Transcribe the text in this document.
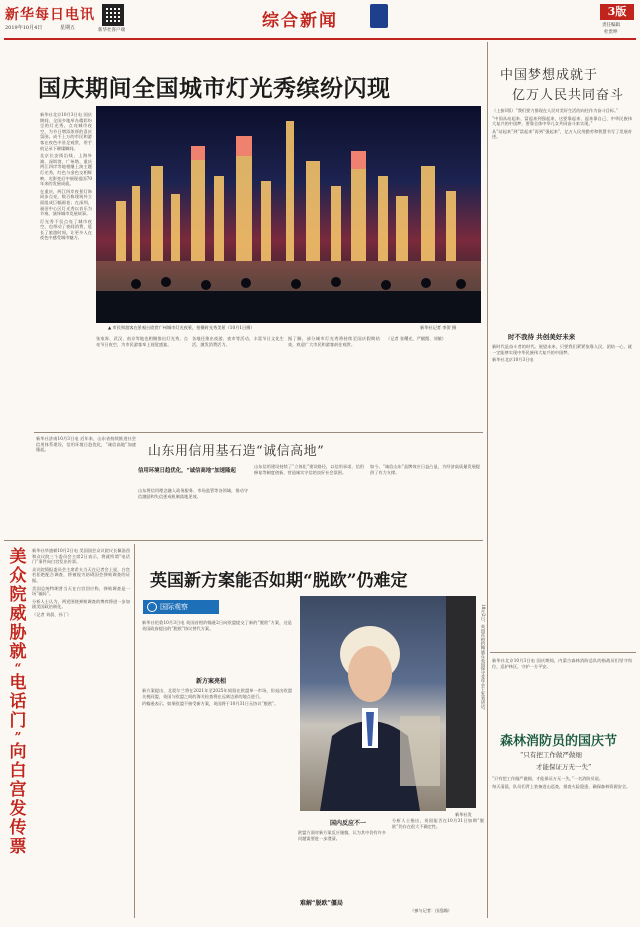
新华每日电讯
2019年10月4日	星期五	新华社客户端	综合新闻	3版
责任编辑
杜贵坤
国庆期间全国城市灯光秀缤纷闪现
▲ 市民和游客在景观台欣赏广州城市灯光夜景，拍摄时光秀美景（10月1日摄）	新华社记者 李贺 摄

新华社北京10月3日电 国庆期间，全国多地举办精彩纷呈的灯光秀，点亮城市夜空，为节日增添浓厚的喜庆氛围。成千上万的市民和游客在夜色中驻足观赏，用手机记录下璀璨瞬间。

北京长安街沿线、上海外滩、深圳湾、广州塔、重庆两江四岸等地相继上演主题灯光秀，红色与金色交相辉映，光影变幻中展现祖国70年来的发展成就。

在重庆，两江四岸夜景灯饰同步点亮，数百栋建筑外立面组成巨幅画卷；在深圳，福田中心区灯光秀以音乐为节奏，演绎城市发展故事。

灯光秀不仅点亮了城市夜空，也带动了夜间消费，延长了旅游时间，让更多人在夜色中感受城市魅力。

张家界、武汉、南京等地也相继推出灯光秀，点亮节日夜空，为市民游客奉上视觉盛宴。

各地还推出夜游、夜市等活动，丰富节日文化生活，激发消费活力。

据了解，部分城市灯光秀将持续至国庆假期结束，欢迎广大市民和游客前往观赏。

（记者 张曙光、严赋憬、刘敏）

中国梦想成就于
亿万人民共同奋斗

（上接1版）“我们要力推现在人民对美好生活的向往作为奋斗目标。”

“中国从站起来、富起来到强起来，这要靠起来、起来靠自己、中华民族伟大复兴的中国梦，要靠全体中华儿女共同奋斗来实现。”

从“站起来”到“富起来”再到“强起来”，亿万人民用勤劳和智慧书写了发展奇迹。

时不我待 共创美好未来

新时代是奋斗者的时代。展望未来，只要我们紧紧依靠人民，团结一心，就一定能够实现中华民族伟大复兴的中国梦。

新华社北京10月3日电

山东用信用基石造“诚信高地”

新华社济南10月3日电 近年来，山东省持续推进社会信用体系建设，信用环境日趋优化，“诚信高地”加速隆起。

信用环境日趋优化，“诚信高地”加速隆起

山东将信用理念融入政务服务、市场监管等各领域，推动守信激励和失信惩戒机制落地见效。

山东信用建设持续了“立体化”建设路径，以信用承诺、信用修复等制度创新，营造诚实守信的良好社会氛围。

如今，“诚信山东”品牌效应日益凸显，为经济高质量发展提供了有力支撑。

美
众
院
威
胁
就
“
电
话
门
”
向
白
宫
发
传
票

新华社华盛顿10月2日电 美国国会众议院议长佩洛西和众议院三个委员会主席2日表示，将就所谓“电话门”事件向白宫发出传票。

众议院情报委员会主席希夫当天在记者会上说，白宫若拒绝配合调查，将被视为妨碍国会弹劾调查的证据。

美国总统特朗普当天在白宫回应称，弹劾调查是一场“骗局”。

分析人士认为，两党围绕弹劾调查的博弈将进一步加剧美国政治极化。

（记者 刘晨、孙丁）

英国新方案能否如期“脱欧”仍难定
国际观察	10月2日，英国首相约翰逊在英国保守党年会上发表讲话。
新华社发

新华社伦敦10月3日电 英国首相约翰逊2日向欧盟提交了新的“脱欧”方案，这是英国政府提出的“脱欧”协议替代方案。

新方案亮相

新方案提出，北爱尔兰将在2021年至2025年间留在欧盟单一市场，但退出欧盟关税同盟，英国与欧盟之间的海关检查将在远离边界的地点进行。

约翰逊表示，如果欧盟不接受新方案，英国将于10月31日无协议“脱欧”。

国内反应不一

欧盟方面对新方案反应谨慎，认为其中仍有许多问题需要进一步澄清。

难解“脱欧”僵局

分析人士指出，英国能否在10月31日如期“脱欧”仍存在很大不确定性。

（参与记者：田泓翰）
森林消防员的国庆节
“只有把工作做严做细
才能保证万无一失”

新华社北京10月3日电 国庆期间，内蒙古森林消防总队的指战员们坚守岗位，巡护林区，守护一方平安。

“只有把工作做严做细，才能保证万无一失。”一名消防员说。

每天清晨，队员们背上装备进山巡查，排查火险隐患，确保森林资源安全。
